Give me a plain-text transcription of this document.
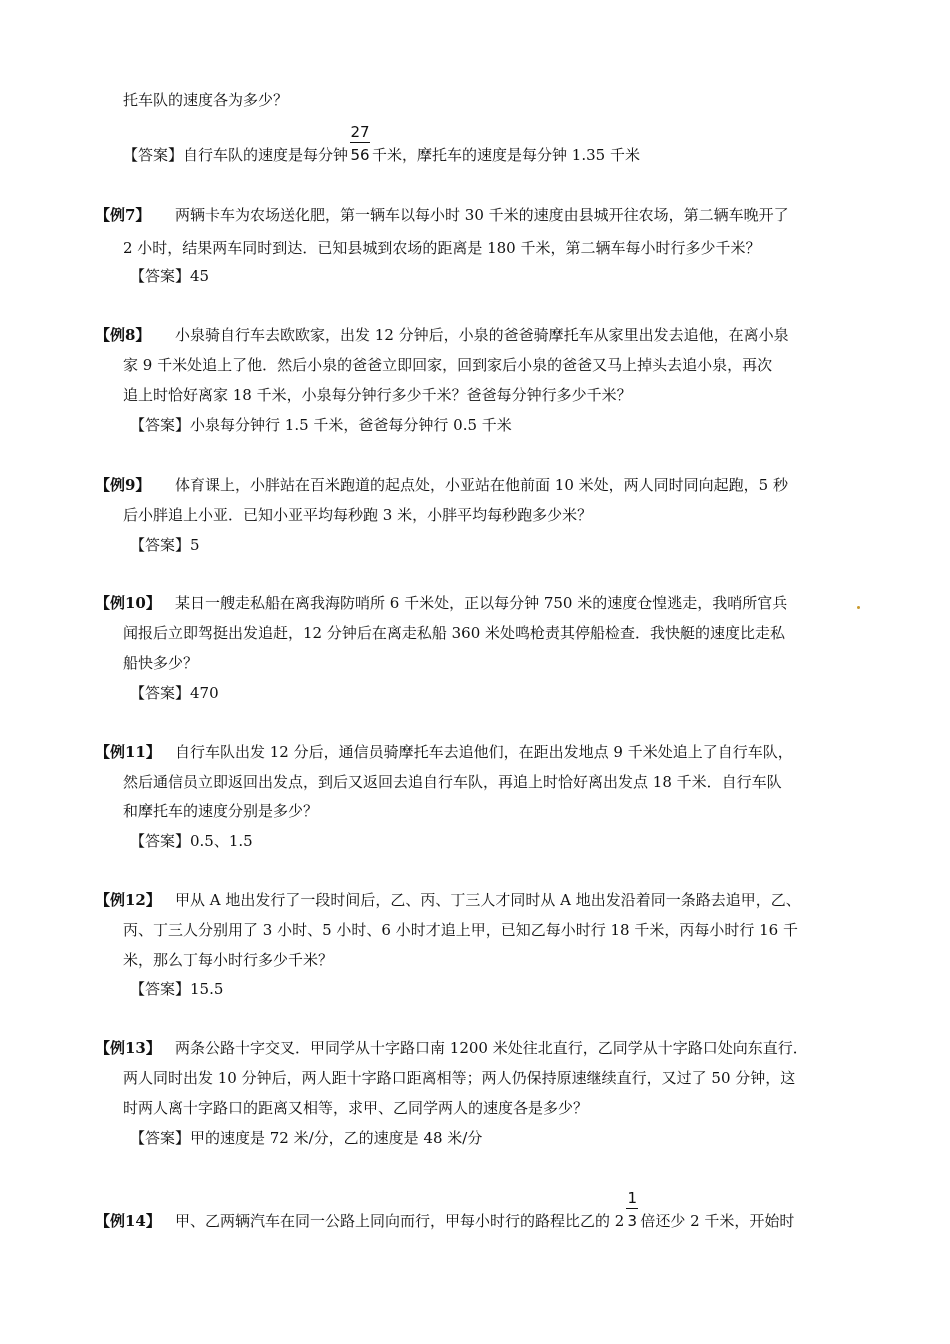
托车队的速度各为多少？
【答案】自行车队的速度是每分钟 $\frac{27}{56}$ 千米，摩托车的速度是每分钟 1.35 千米
【例7】 两辆卡车为农场送化肥，第一辆车以每小时 30 千米的速度由县城开往农场，第二辆车晚开了
2 小时，结果两车同时到达．已知县城到农场的距离是 180 千米，第二辆车每小时行多少千米？
【答案】45
【例8】 小泉骑自行车去欧欧家，出发 12 分钟后，小泉的爸爸骑摩托车从家里出发去追他，在离小泉
家 9 千米处追上了他．然后小泉的爸爸立即回家，回到家后小泉的爸爸又马上掉头去追小泉，再次
追上时恰好离家 18 千米，小泉每分钟行多少千米？爸爸每分钟行多少千米？
【答案】小泉每分钟行 1.5 千米，爸爸每分钟行 0.5 千米
【例9】 体育课上，小胖站在百米跑道的起点处，小亚站在他前面 10 米处，两人同时同向起跑，5 秒
后小胖追上小亚．已知小亚平均每秒跑 3 米，小胖平均每秒跑多少米？
【答案】5
【例10】 某日一艘走私船在离我海防哨所 6 千米处，正以每分钟 750 米的速度仓惶逃走，我哨所官兵
闻报后立即驾挺出发追赶，12 分钟后在离走私船 360 米处鸣枪责其停船检查．我快艇的速度比走私
船快多少？
【答案】470
【例11】 自行车队出发 12 分后，通信员骑摩托车去追他们，在距出发地点 9 千米处追上了自行车队，
然后通信员立即返回出发点，到后又返回去追自行车队，再追上时恰好离出发点 18 千米．自行车队
和摩托车的速度分别是多少？
【答案】0.5、1.5
【例12】 甲从 A 地出发行了一段时间后，乙、丙、丁三人才同时从 A 地出发沿着同一条路去追甲，乙、
丙、丁三人分别用了 3 小时、5 小时、6 小时才追上甲，已知乙每小时行 18 千米，丙每小时行 16 千
米，那么丁每小时行多少千米？
【答案】15.5
【例13】 两条公路十字交叉．甲同学从十字路口南 1200 米处往北直行，乙同学从十字路口处向东直行．
两人同时出发 10 分钟后，两人距十字路口距离相等；两人仍保持原速继续直行，又过了 50 分钟，这
时两人离十字路口的距离又相等，求甲、乙同学两人的速度各是多少？
【答案】甲的速度是 72 米/分，乙的速度是 48 米/分
【例14】 甲、乙两辆汽车在同一公路上同向而行，甲每小时行的路程比乙的 $2 \frac{1}{3}$ 倍还少 2 千米，开始时
